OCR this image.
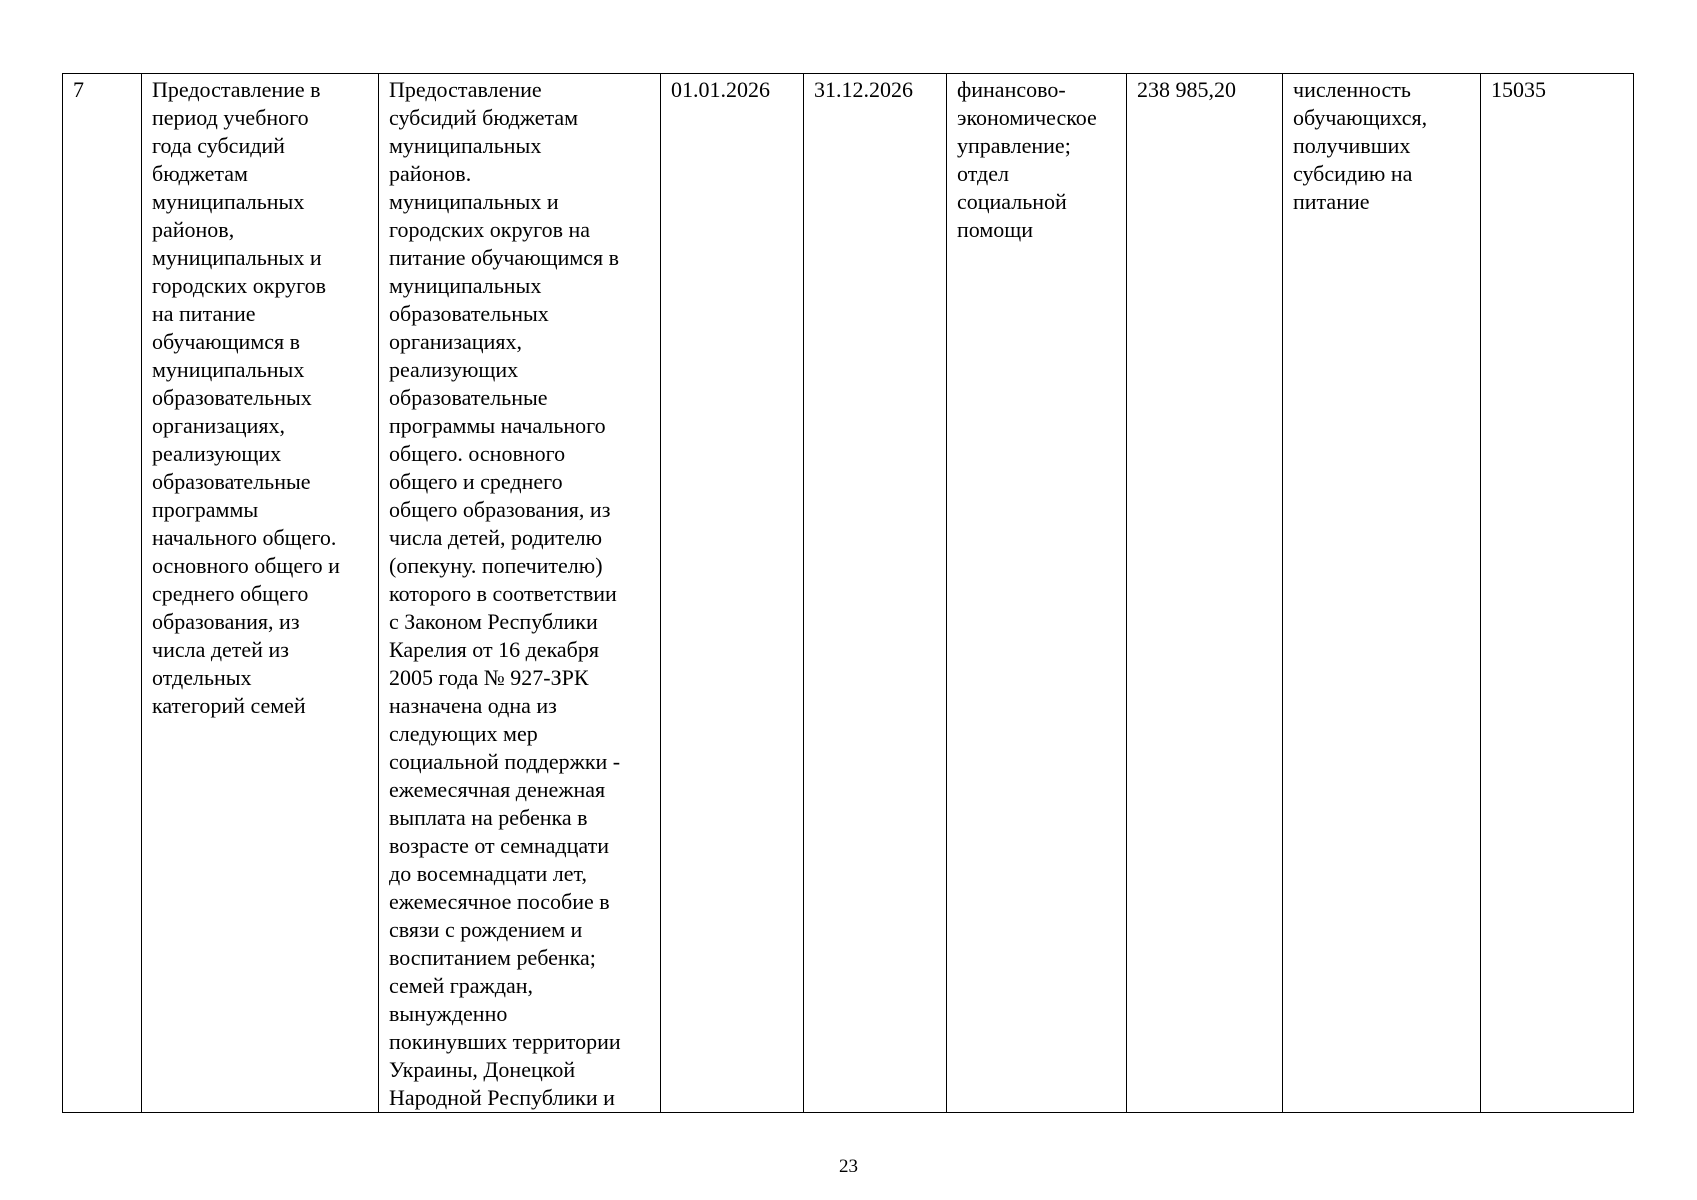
7	Предоставление в
период учебного
года субсидий
бюджетам
муниципальных
районов,
муниципальных и
городских округов
на питание
обучающимся в
муниципальных
образовательных
организациях,
реализующих
образовательные
программы
начального общего.
основного общего и
среднего общего
образования, из
числа детей из
отдельных
категорий семей	Предоставление
субсидий бюджетам
муниципальных
районов.
муниципальных и
городских округов на
питание обучающимся в
муниципальных
образовательных
организациях,
реализующих
образовательные
программы начального
общего. основного
общего и среднего
общего образования, из
числа детей, родителю
(опекуну. попечителю)
которого в соответствии
с Законом Республики
Карелия от 16 декабря
2005 года № 927-ЗРК
назначена одна из
следующих мер
социальной поддержки -
ежемесячная денежная
выплата на ребенка в
возрасте от семнадцати
до восемнадцати лет,
ежемесячное пособие в
связи с рождением и
воспитанием ребенка;
семей граждан,
вынужденно
покинувших территории
Украины, Донецкой
Народной Республики и	01.01.2026	31.12.2026	финансово-
экономическое
управление;
отдел
социальной
помощи	238 985,20	численность
обучающихся,
получивших
субсидию на
питание	15035
23
